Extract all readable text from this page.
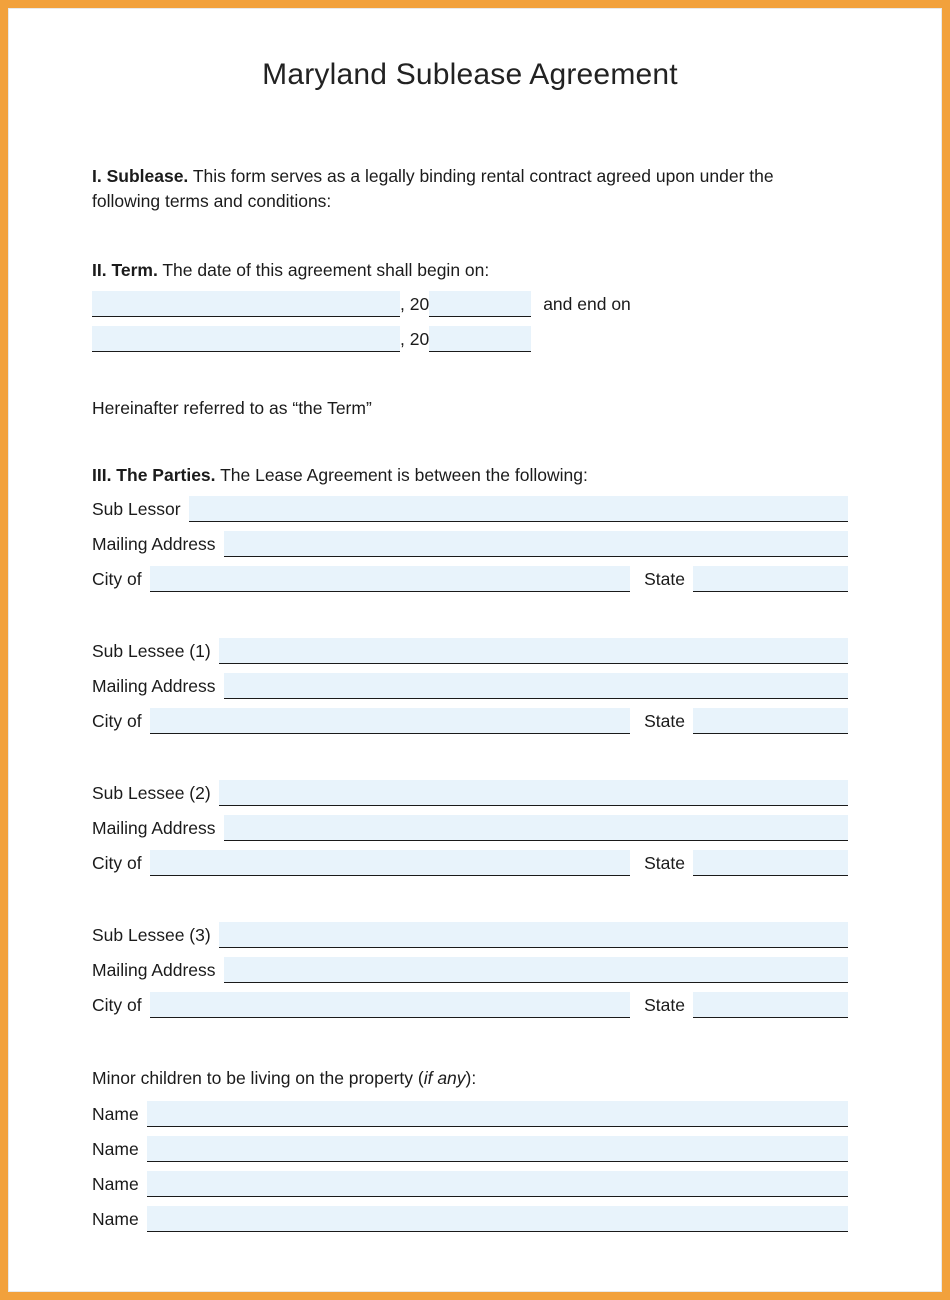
Maryland Sublease Agreement

I. Sublease. This form serves as a legally binding rental contract agreed upon under the following terms and conditions:

II. Term. The date of this agreement shall begin on:

, 20	and end on
, 20

Hereinafter referred to as “the Term”

III. The Parties. The Lease Agreement is between the following:

Sub Lessor
Mailing Address
City of	State
Sub Lessee (1)
Mailing Address
City of	State
Sub Lessee (2)
Mailing Address
City of	State
Sub Lessee (3)
Mailing Address
City of	State

Minor children to be living on the property (if any):

Name
Name
Name
Name
